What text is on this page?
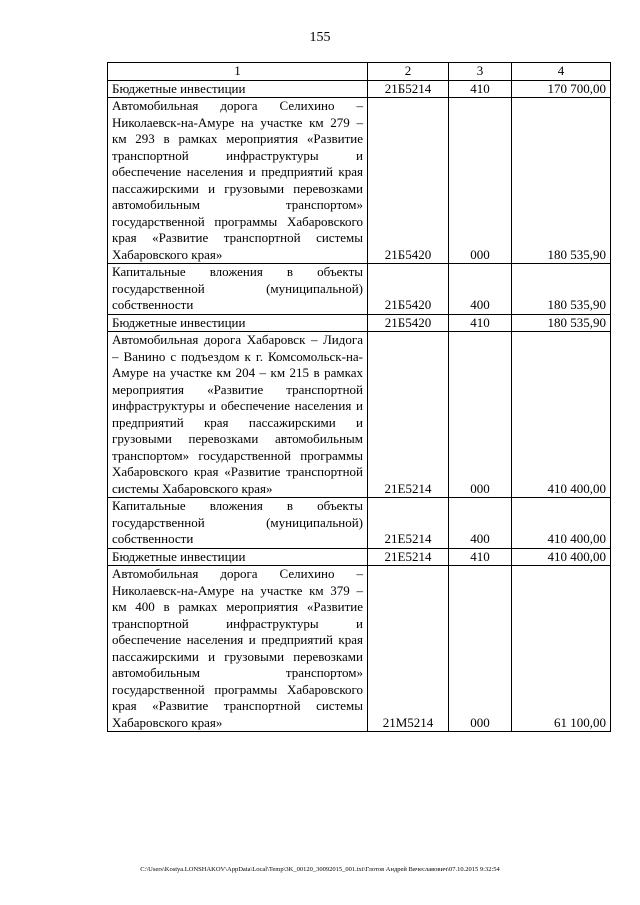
155
1	2	3	4
Бюджетные инвестиции	21Б5214	410	170 700,00
Автомобильная дорога Селихино – Николаевск-на-Амуре на участке км 279 – км 293 в рамках мероприятия «Развитие транспортной инфраструктуры и обеспечение населения и предприятий края пассажирскими и грузовыми перевозками автомобильным транспортом» государственной программы Хабаровского края «Развитие транспортной системы Хабаровского края»	21Б5420	000	180 535,90
Капитальные вложения в объекты государственной (муниципальной) собственности	21Б5420	400	180 535,90
Бюджетные инвестиции	21Б5420	410	180 535,90
Автомобильная дорога Хабаровск – Лидога – Ванино с подъездом к г. Комсомольск-на-Амуре на участке км 204 – км 215 в рамках мероприятия «Развитие транспортной инфраструктуры и обеспечение населения и предприятий края пассажирскими и грузовыми перевозками автомобильным транспортом» государственной программы Хабаровского края «Развитие транспортной системы Хабаровского края»	21Е5214	000	410 400,00
Капитальные вложения в объекты государственной (муниципальной) собственности	21Е5214	400	410 400,00
Бюджетные инвестиции	21Е5214	410	410 400,00
Автомобильная дорога Селихино – Николаевск-на-Амуре на участке км 379 – км 400 в рамках мероприятия «Развитие транспортной инфраструктуры и обеспечение населения и предприятий края пассажирскими и грузовыми перевозками автомобильным транспортом» государственной программы Хабаровского края «Развитие транспортной системы Хабаровского края»	21М5214	000	61 100,00
C:\Users\Kostya.LONSHAKOV\AppData\Local\Temp\3K_00120_30092015_001.txt\Глотов Андрей Вячеславович\07.10.2015 9:32:54
